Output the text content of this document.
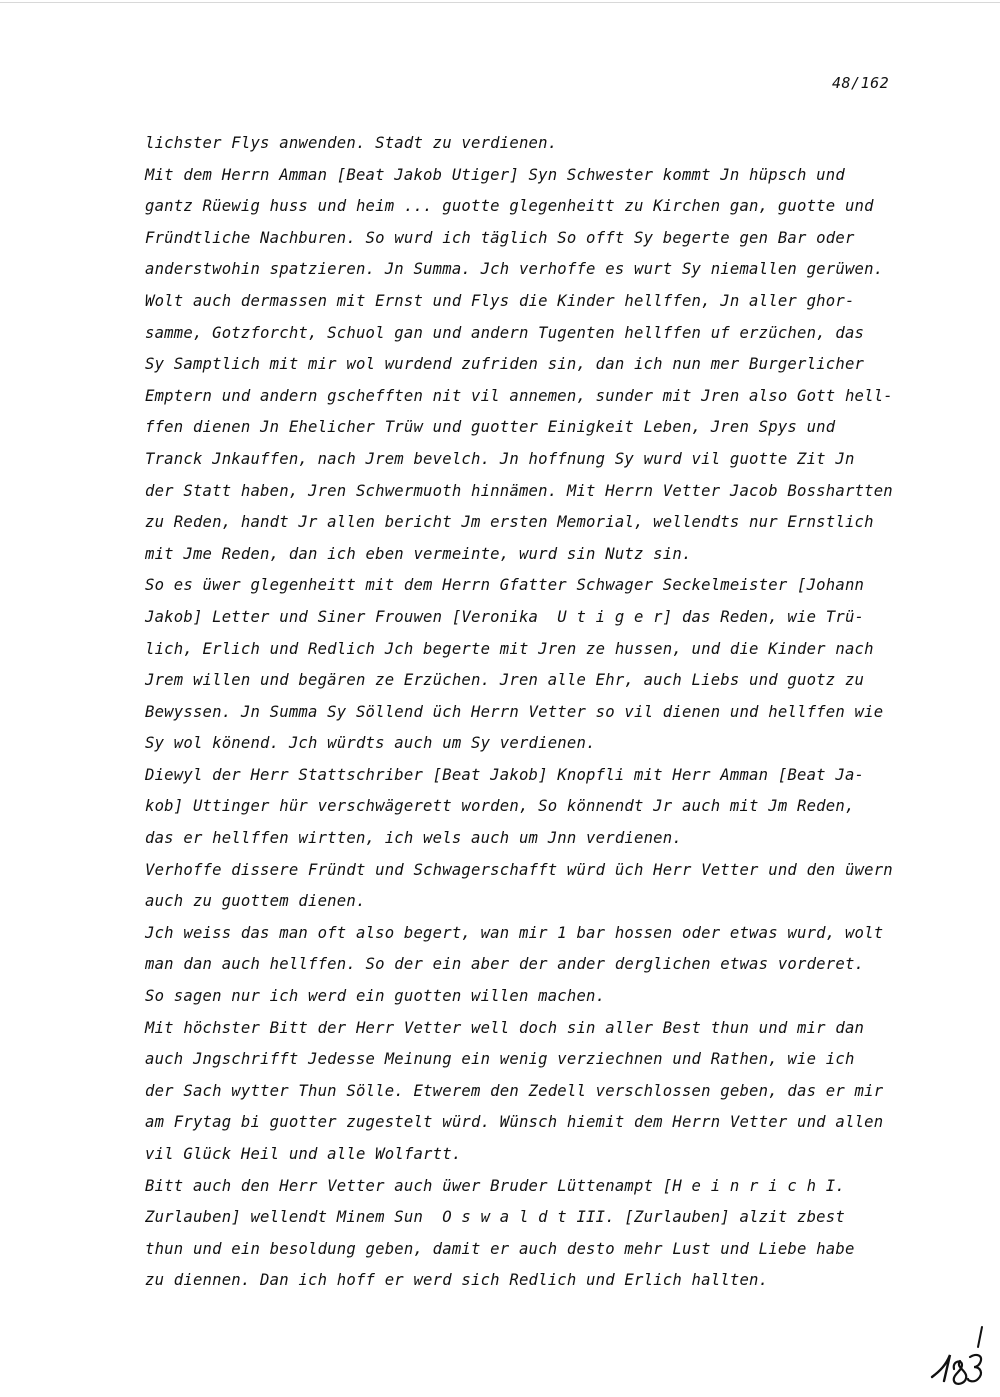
48/162
lichster Flys anwenden. Stadt zu verdienen.
Mit dem Herrn Amman [Beat Jakob Utiger] Syn Schwester kommt Jn hüpsch und
gantz Rüewig huss und heim ... guotte glegenheitt zu Kirchen gan, guotte und
Fründtliche Nachburen. So wurd ich täglich So offt Sy begerte gen Bar oder
anderstwohin spatzieren. Jn Summa. Jch verhoffe es wurt Sy niemallen gerüwen.
Wolt auch dermassen mit Ernst und Flys die Kinder hellffen, Jn aller ghor-
samme, Gotzforcht, Schuol gan und andern Tugenten hellffen uf erzüchen, das
Sy Samptlich mit mir wol wurdend zufriden sin, dan ich nun mer Burgerlicher
Emptern und andern gschefften nit vil annemen, sunder mit Jren also Gott hell-
ffen dienen Jn Ehelicher Trüw und guotter Einigkeit Leben, Jren Spys und
Tranck Jnkauffen, nach Jrem bevelch. Jn hoffnung Sy wurd vil guotte Zit Jn
der Statt haben, Jren Schwermuoth hinnämen. Mit Herrn Vetter Jacob Bosshartten
zu Reden, handt Jr allen bericht Jm ersten Memorial, wellendts nur Ernstlich
mit Jme Reden, dan ich eben vermeinte, wurd sin Nutz sin.
So es üwer glegenheitt mit dem Herrn Gfatter Schwager Seckelmeister [Johann
Jakob] Letter und Siner Frouwen [Veronika  U t i g e r] das Reden, wie Trü-
lich, Erlich und Redlich Jch begerte mit Jren ze hussen, und die Kinder nach
Jrem willen und begären ze Erzüchen. Jren alle Ehr, auch Liebs und guotz zu
Bewyssen. Jn Summa Sy Söllend üch Herrn Vetter so vil dienen und hellffen wie
Sy wol könend. Jch würdts auch um Sy verdienen.
Diewyl der Herr Stattschriber [Beat Jakob] Knopfli mit Herr Amman [Beat Ja-
kob] Uttinger hür verschwägerett worden, So könnendt Jr auch mit Jm Reden,
das er hellffen wirtten, ich wels auch um Jnn verdienen.
Verhoffe dissere Fründt und Schwagerschafft würd üch Herr Vetter und den üwern
auch zu guottem dienen.
Jch weiss das man oft also begert, wan mir 1 bar hossen oder etwas wurd, wolt
man dan auch hellffen. So der ein aber der ander derglichen etwas vorderet.
So sagen nur ich werd ein guotten willen machen.
Mit höchster Bitt der Herr Vetter well doch sin aller Best thun und mir dan
auch Jngschrifft Jedesse Meinung ein wenig verziechnen und Rathen, wie ich
der Sach wytter Thun Sölle. Etwerem den Zedell verschlossen geben, das er mir
am Frytag bi guotter zugestelt würd. Wünsch hiemit dem Herrn Vetter und allen
vil Glück Heil und alle Wolfartt.
Bitt auch den Herr Vetter auch üwer Bruder Lüttenampt [H e i n r i c h I.
Zurlauben] wellendt Minem Sun  O s w a l d t III. [Zurlauben] alzit zbest
thun und ein besoldung geben, damit er auch desto mehr Lust und Liebe habe
zu diennen. Dan ich hoff er werd sich Redlich und Erlich hallten.
